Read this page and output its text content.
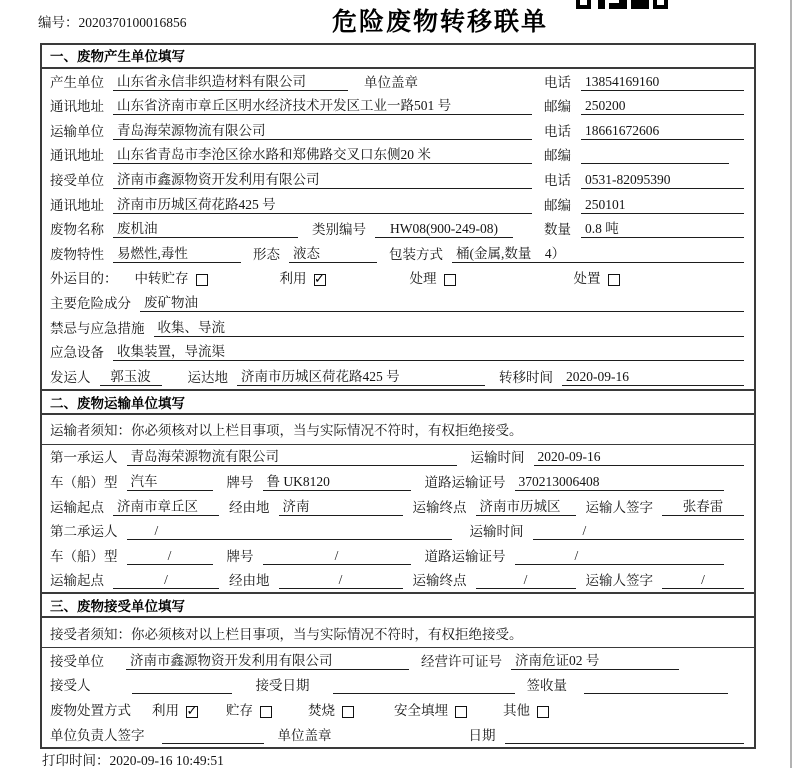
编号：2020370100016856	危险废物转移联单
一、废物产生单位填写
产生单位 山东省永信非织造材料有限公司	单位盖章	电话 13854169160
通讯地址 山东省济南市章丘区明水经济技术开发区工业一路501 号	邮编 250200
运输单位 青岛海荣源物流有限公司	电话 18661672606
通讯地址 山东省青岛市李沧区徐水路和郑佛路交叉口东侧20 米	邮编
接受单位 济南市鑫源物资开发利用有限公司	电话 0531-82095390
通讯地址 济南市历城区荷花路425 号	邮编 250101
废物名称 废机油	类别编号	HW08(900-249-08)	数量 0.8 吨
废物特性 易燃性,毒性	形态 液态	包装方式 桶(金属,数量　4）
外运目的： 中转贮存	利用 ✓	处理	处置
主要危险成分 废矿物油
禁忌与应急措施 收集、导流
应急设备 收集装置，导流渠
发运人	郭玉波	运达地 济南市历城区荷花路425 号	转移时间 2020-09-16
二、废物运输单位填写
运输者须知：你必须核对以上栏目事项，当与实际情况不符时，有权拒绝接受。
第一承运人 青岛海荣源物流有限公司	运输时间 2020-09-16
车（船）型 汽车	牌号 鲁 UK8120	道路运输证号 370213006408
运输起点 济南市章丘区	经由地 济南	运输终点 济南市历城区	运输人签字	张春雷
第二承运人	/	运输时间	/
车（船）型	/	牌号	/	道路运输证号	/
运输起点	/	经由地	/	运输终点	/	运输人签字	/
三、废物接受单位填写
接受者须知：你必须核对以上栏目事项，当与实际情况不符时，有权拒绝接受。
接受单位 济南市鑫源物资开发利用有限公司	经营许可证号 济南危证02 号
接受人	接受日期	签收量
废物处置方式 利用 ✓ 贮存	焚烧	安全填埋	其他
单位负责人签字	单位盖章	日期
打印时间：2020-09-16 10:49:51
